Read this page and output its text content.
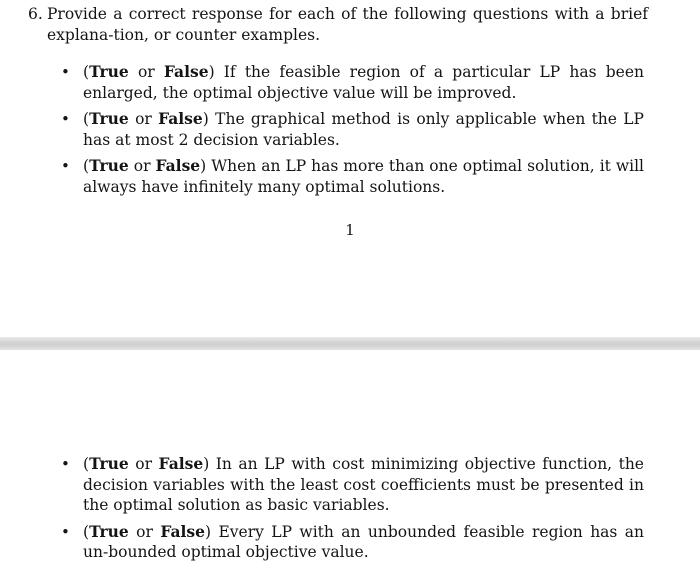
6. Provide a correct response for each of the following questions with a brief explana-tion, or counter examples.
• (True or False) If the feasible region of a particular LP has been enlarged, the optimal objective value will be improved.
• (True or False) The graphical method is only applicable when the LP has at most 2 decision variables.
• (True or False) When an LP has more than one optimal solution, it will always have infinitely many optimal solutions.
1
• (True or False) In an LP with cost minimizing objective function, the decision variables with the least cost coefficients must be presented in the optimal solution as basic variables.
• (True or False) Every LP with an unbounded feasible region has an un-bounded optimal objective value.
